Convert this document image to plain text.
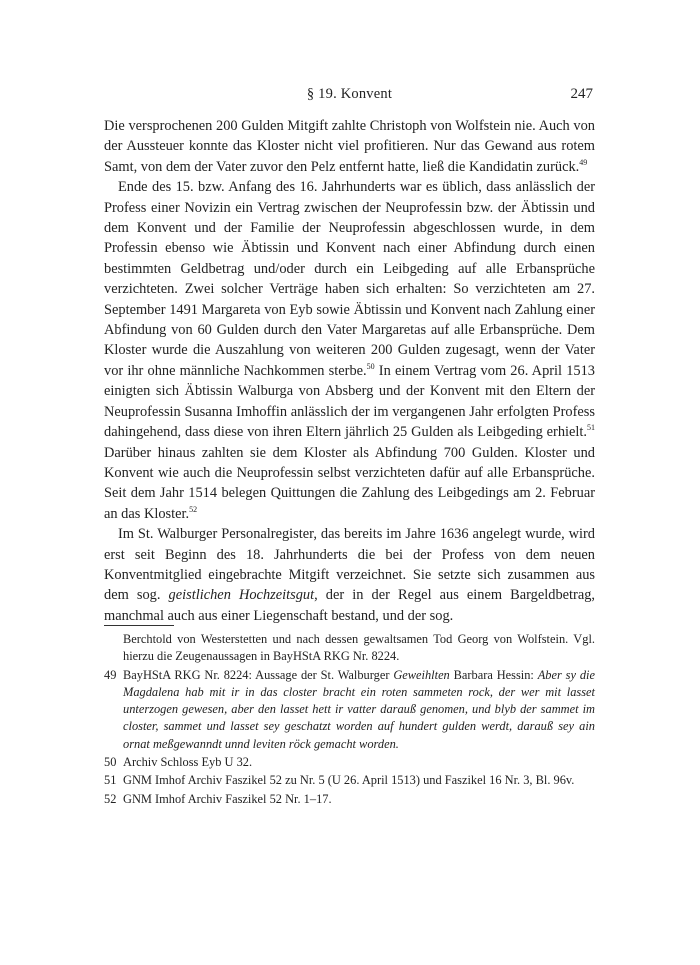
§ 19. Konvent	247

Die versprochenen 200 Gulden Mitgift zahlte Christoph von Wolfstein nie. Auch von der Aussteuer konnte das Kloster nicht viel profitieren. Nur das Gewand aus rotem Samt, von dem der Vater zuvor den Pelz entfernt hatte, ließ die Kandidatin zurück.$^{49}$

Ende des 15. bzw. Anfang des 16. Jahrhunderts war es üblich, dass anlässlich der Profess einer Novizin ein Vertrag zwischen der Neuprofessin bzw. der Äbtissin und dem Konvent und der Familie der Neuprofessin abgeschlossen wurde, in dem Professin ebenso wie Äbtissin und Konvent nach einer Abfindung durch einen bestimmten Geldbetrag und/oder durch ein Leibgeding auf alle Erbansprüche verzichteten. Zwei solcher Verträge haben sich erhalten: So verzichteten am 27. September 1491 Margareta von Eyb sowie Äbtissin und Konvent nach Zahlung einer Abfindung von 60 Gulden durch den Vater Margaretas auf alle Erbansprüche. Dem Kloster wurde die Auszahlung von weiteren 200 Gulden zugesagt, wenn der Vater vor ihr ohne männliche Nachkommen sterbe.$^{50}$ In einem Vertrag vom 26. April 1513 einigten sich Äbtissin Walburga von Absberg und der Konvent mit den Eltern der Neuprofessin Susanna Imhoffin anlässlich der im vergangenen Jahr erfolgten Profess dahingehend, dass diese von ihren Eltern jährlich 25 Gulden als Leibgeding erhielt.$^{51}$ Darüber hinaus zahlten sie dem Kloster als Abfindung 700 Gulden. Kloster und Konvent wie auch die Neuprofessin selbst verzichteten dafür auf alle Erbansprüche. Seit dem Jahr 1514 belegen Quittungen die Zahlung des Leibgedings am 2. Februar an das Kloster.$^{52}$

Im St. Walburger Personalregister, das bereits im Jahre 1636 angelegt wurde, wird erst seit Beginn des 18. Jahrhunderts die bei der Profess von dem neuen Konventmitglied eingebrachte Mitgift verzeichnet. Sie setzte sich zusammen aus dem sog. geistlichen Hochzeitsgut, der in der Regel aus einem Bargeldbetrag, manchmal auch aus einer Liegenschaft bestand, und der sog.

Berchtold von Westerstetten und nach dessen gewaltsamen Tod Georg von Wolfstein. Vgl. hierzu die Zeugenaussagen in BayHStA RKG Nr. 8224.
49 BayHStA RKG Nr. 8224: Aussage der St. Walburger Geweihlten Barbara Hessin: Aber sy die Magdalena hab mit ir in das closter bracht ein roten sammeten rock, der wer mit lasset unterzogen gewesen, aber den lasset hett ir vatter darauß genomen, und blyb der sammet im closter, sammet und lasset sey geschatzt worden auf hundert gulden werdt, darauß sey ain ornat meßgewanndt unnd leviten röck gemacht worden.
50 Archiv Schloss Eyb U 32.
51 GNM Imhof Archiv Faszikel 52 zu Nr. 5 (U 26. April 1513) und Faszikel 16 Nr. 3, Bl. 96v.
52 GNM Imhof Archiv Faszikel 52 Nr. 1–17.
